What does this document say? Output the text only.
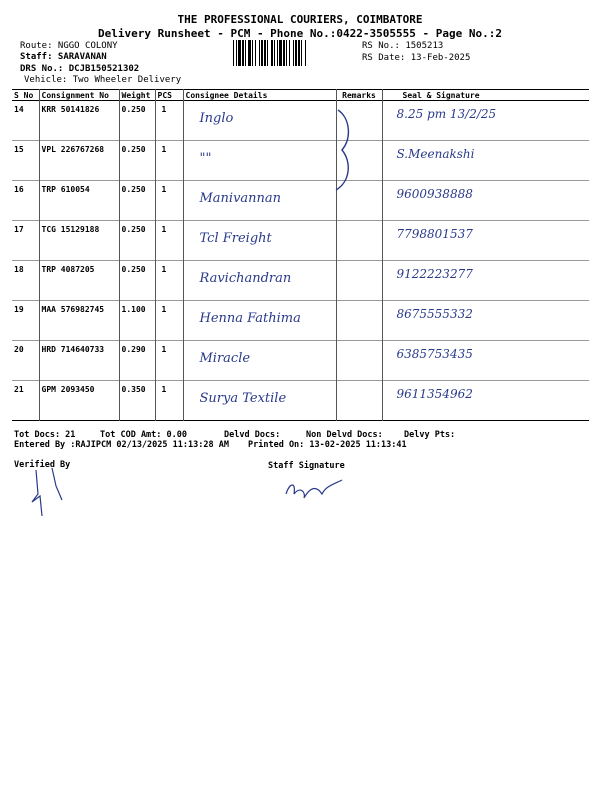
THE PROFESSIONAL COURIERS, COIMBATORE
Delivery Runsheet - PCM - Phone No.:0422-3505555 - Page No.:2
Route: NGGO COLONY
Staff: SARAVANAN
DRS No.: DCJB150521302
Vehicle: Two Wheeler Delivery
RS No.: 1505213
RS Date: 13-Feb-2025
S No	Consignment No	Weight	PCS	Consignee Details	Remarks	Seal & Signature
14	KRR 50141826	0.250	1	Inglo		8.25 pm 13/2/25
15	VPL 226767268	0.250	1	""		S.Meenakshi
16	TRP 610054	0.250	1	Manivannan		9600938888
17	TCG 15129188	0.250	1	Tcl Freight		7798801537
18	TRP 4087205	0.250	1	Ravichandran		9122223277
19	MAA 576982745	1.100	1	Henna Fathima		8675555332
20	HRD 714640733	0.290	1	Miracle		6385753435
21	GPM 2093450	0.350	1	Surya Textile		9611354962
Tot Docs: 21	Tot COD Amt: 0.00	Delvd Docs:	Non Delvd Docs: Delvy Pts:
Entered By :RAJIPCM 02/13/2025 11:13:28 AM Printed On: 13-02-2025 11:13:41
Verified By	Staff Signature
